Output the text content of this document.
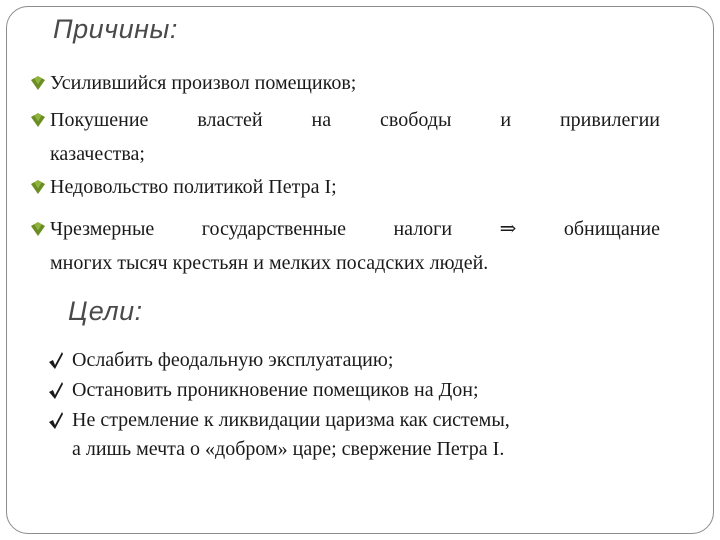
Причины:
Усилившийся произвол помещиков;
Покушение властей на свободы и привилегии
казачества;
Недовольство политикой Петра I;
Чрезмерные государственные налоги ⇒ обнищание
многих тысяч крестьян и мелких посадских людей.
Цели:
Ослабить феодальную эксплуатацию;
Остановить проникновение помещиков на Дон;
Не стремление к ликвидации царизма как системы,
а лишь мечта о «добром» царе; свержение Петра I.
